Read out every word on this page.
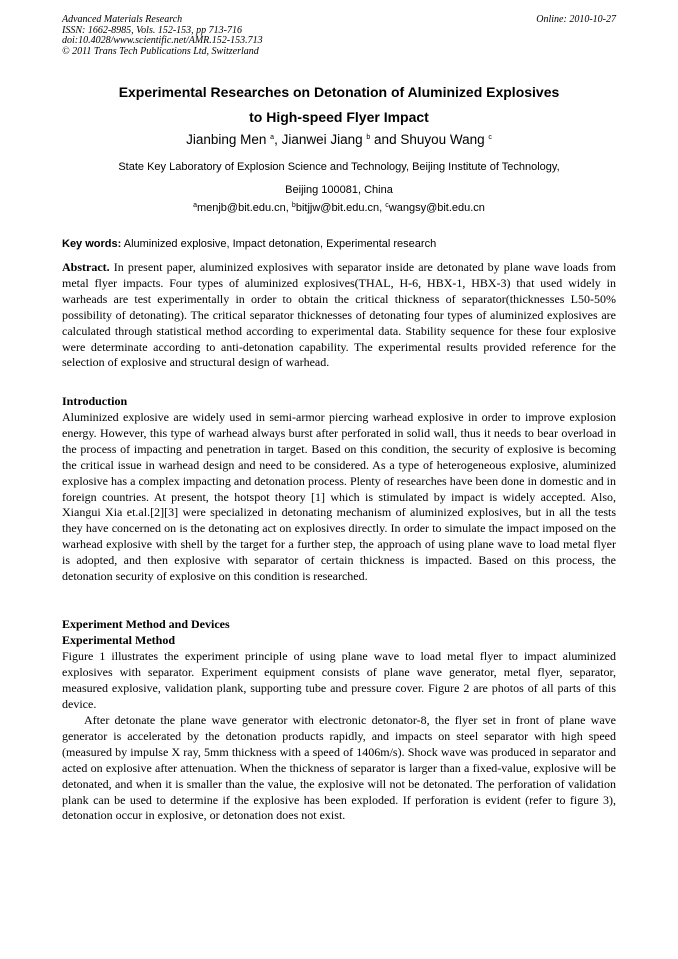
Advanced Materials Research
ISSN: 1662-8985, Vols. 152-153, pp 713-716
doi:10.4028/www.scientific.net/AMR.152-153.713
© 2011 Trans Tech Publications Ltd, Switzerland
Online: 2010-10-27
Experimental Researches on Detonation of Aluminized Explosives
to High-speed Flyer Impact
Jianbing Men $^a$, Jianwei Jiang $^b$ and Shuyou Wang $^c$
State Key Laboratory of Explosion Science and Technology, Beijing Institute of Technology,
Beijing 100081, China
$^a$menjb@bit.edu.cn, $^b$bitjjw@bit.edu.cn, $^c$wangsy@bit.edu.cn
Key words: Aluminized explosive, Impact detonation, Experimental research

Abstract. In present paper, aluminized explosives with separator inside are detonated by plane wave loads from metal flyer impacts. Four types of aluminized explosives(THAL, H-6, HBX-1, HBX-3) that used widely in warheads are test experimentally in order to obtain the critical thickness of separator(thicknesses L50-50% possibility of detonating). The critical separator thicknesses of detonating four types of aluminized explosives are calculated through statistical method according to experimental data. Stability sequence for these four explosive were determinate according to anti-detonation capability. The experimental results provided reference for the selection of explosive and structural design of warhead.

Introduction

Aluminized explosive are widely used in semi-armor piercing warhead explosive in order to improve explosion energy. However, this type of warhead always burst after perforated in solid wall, thus it needs to bear overload in the process of impacting and penetration in target. Based on this condition, the security of explosive is becoming the critical issue in warhead design and need to be considered. As a type of heterogeneous explosive, aluminized explosive has a complex impacting and detonation process. Plenty of researches have been done in domestic and in foreign countries. At present, the hotspot theory [1] which is stimulated by impact is widely accepted. Also, Xiangui Xia et.al.[2][3] were specialized in detonating mechanism of aluminized explosives, but in all the tests they have concerned on is the detonating act on explosives directly. In order to simulate the impact imposed on the warhead explosive with shell by the target for a further step, the approach of using plane wave to load metal flyer is adopted, and then explosive with separator of certain thickness is impacted. Based on this process, the detonation security of explosive on this condition is researched.

Experiment Method and Devices
Experimental Method

Figure 1 illustrates the experiment principle of using plane wave to load metal flyer to impact aluminized explosives with separator. Experiment equipment consists of plane wave generator, metal flyer, separator, measured explosive, validation plank, supporting tube and pressure cover. Figure 2 are photos of all parts of this device.

After detonate the plane wave generator with electronic detonator-8, the flyer set in front of plane wave generator is accelerated by the detonation products rapidly, and impacts on steel separator with high speed (measured by impulse X ray, 5mm thickness with a speed of 1406m/s). Shock wave was produced in separator and acted on explosive after attenuation. When the thickness of separator is larger than a fixed-value, explosive will be detonated, and when it is smaller than the value, the explosive will not be detonated. The perforation of validation plank can be used to determine if the explosive has been exploded. If perforation is evident (refer to figure 3), detonation occur in explosive, or detonation does not exist.
